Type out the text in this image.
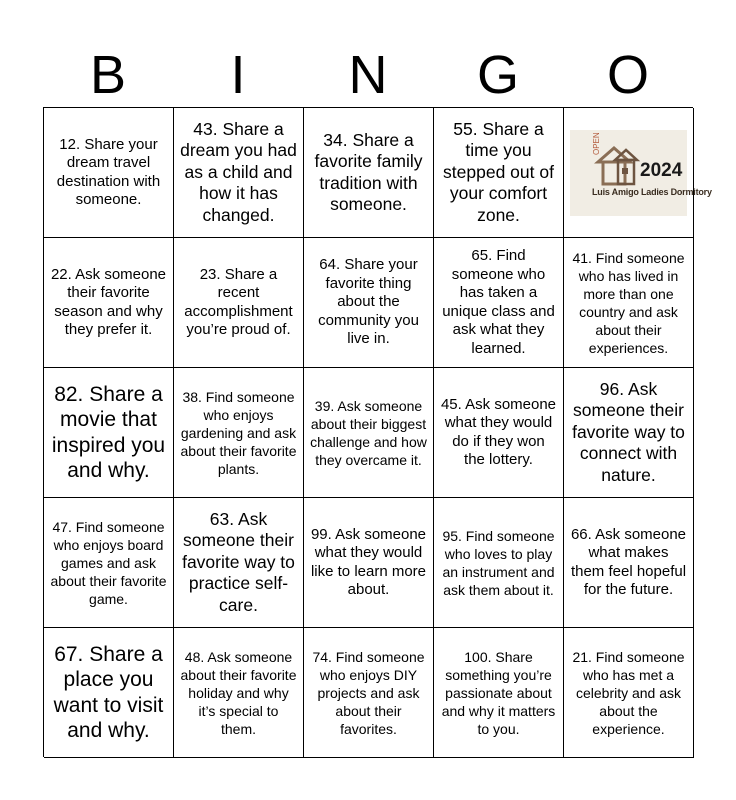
B	I	N	G	O
12. Share your dream travel destination with someone.
43. Share a dream you had as a child and how it has changed.
34. Share a favorite family tradition with someone.
55. Share a time you stepped out of your comfort zone.
OPEN
2024
Luis Amigo Ladies Dormitory
22. Ask someone their favorite season and why they prefer it.
23. Share a recent accomplishment you’re proud of.
64. Share your favorite thing about the community you live in.
65. Find someone who has taken a unique class and ask what they learned.
41. Find someone who has lived in more than one country and ask about their experiences.
82. Share a movie that inspired you and why.
38. Find someone who enjoys gardening and ask about their favorite plants.
39. Ask someone about their biggest challenge and how they overcame it.
45. Ask someone what they would do if they won the lottery.
96. Ask someone their favorite way to connect with nature.
47. Find someone who enjoys board games and ask about their favorite game.
63. Ask someone their favorite way to practice self-care.
99. Ask someone what they would like to learn more about.
95. Find someone who loves to play an instrument and ask them about it.
66. Ask someone what makes them feel hopeful for the future.
67. Share a place you want to visit and why.
48. Ask someone about their favorite holiday and why it’s special to them.
74. Find someone who enjoys DIY projects and ask about their favorites.
100. Share something you’re passionate about and why it matters to you.
21. Find someone who has met a celebrity and ask about the experience.
